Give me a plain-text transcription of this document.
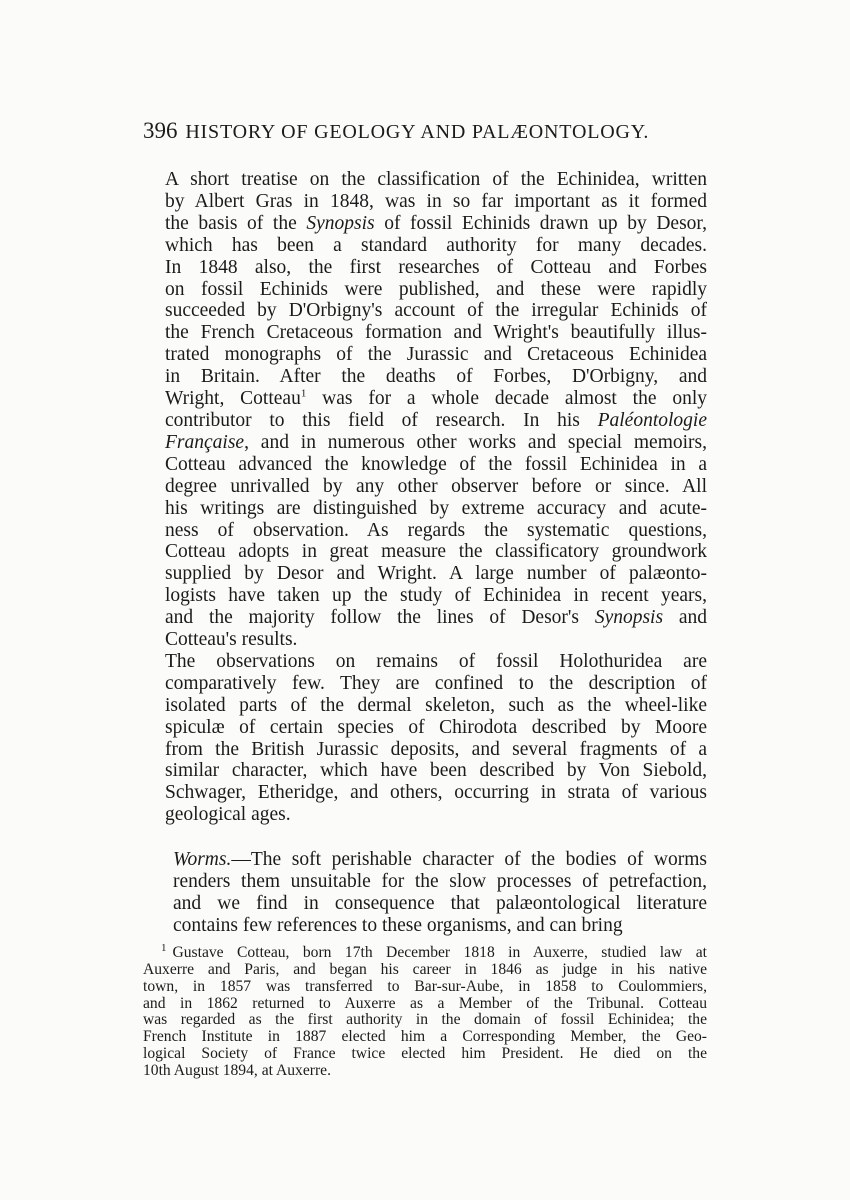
396 HISTORY OF GEOLOGY AND PALÆONTOLOGY.

A short treatise on the classification of the Echinidea, written
by Albert Gras in 1848, was in so far important as it formed
the basis of the Synopsis of fossil Echinids drawn up by Desor,
which has been a standard authority for many decades.
In 1848 also, the first researches of Cotteau and Forbes
on fossil Echinids were published, and these were rapidly
succeeded by D'Orbigny's account of the irregular Echinids of
the French Cretaceous formation and Wright's beautifully illus-
trated monographs of the Jurassic and Cretaceous Echinidea
in Britain. After the deaths of Forbes, D'Orbigny, and
Wright, Cotteau$^1$ was for a whole decade almost the only
contributor to this field of research. In his Paléontologie
Française, and in numerous other works and special memoirs,
Cotteau advanced the knowledge of the fossil Echinidea in a
degree unrivalled by any other observer before or since. All
his writings are distinguished by extreme accuracy and acute-
ness of observation. As regards the systematic questions,
Cotteau adopts in great measure the classificatory groundwork
supplied by Desor and Wright. A large number of palæonto-
logists have taken up the study of Echinidea in recent years,
and the majority follow the lines of Desor's Synopsis and
Cotteau's results.

The observations on remains of fossil Holothuridea are
comparatively few. They are confined to the description of
isolated parts of the dermal skeleton, such as the wheel-like
spiculæ of certain species of Chirodota described by Moore
from the British Jurassic deposits, and several fragments of a
similar character, which have been described by Von Siebold,
Schwager, Etheridge, and others, occurring in strata of various
geological ages.

Worms.—The soft perishable character of the bodies of worms
renders them unsuitable for the slow processes of petrefaction,
and we find in consequence that palæontological literature
contains few references to these organisms, and can bring

$^1$ Gustave Cotteau, born 17th December 1818 in Auxerre, studied law at
Auxerre and Paris, and began his career in 1846 as judge in his native
town, in 1857 was transferred to Bar-sur-Aube, in 1858 to Coulommiers,
and in 1862 returned to Auxerre as a Member of the Tribunal. Cotteau
was regarded as the first authority in the domain of fossil Echinidea; the
French Institute in 1887 elected him a Corresponding Member, the Geo-
logical Society of France twice elected him President. He died on the
10th August 1894, at Auxerre.
